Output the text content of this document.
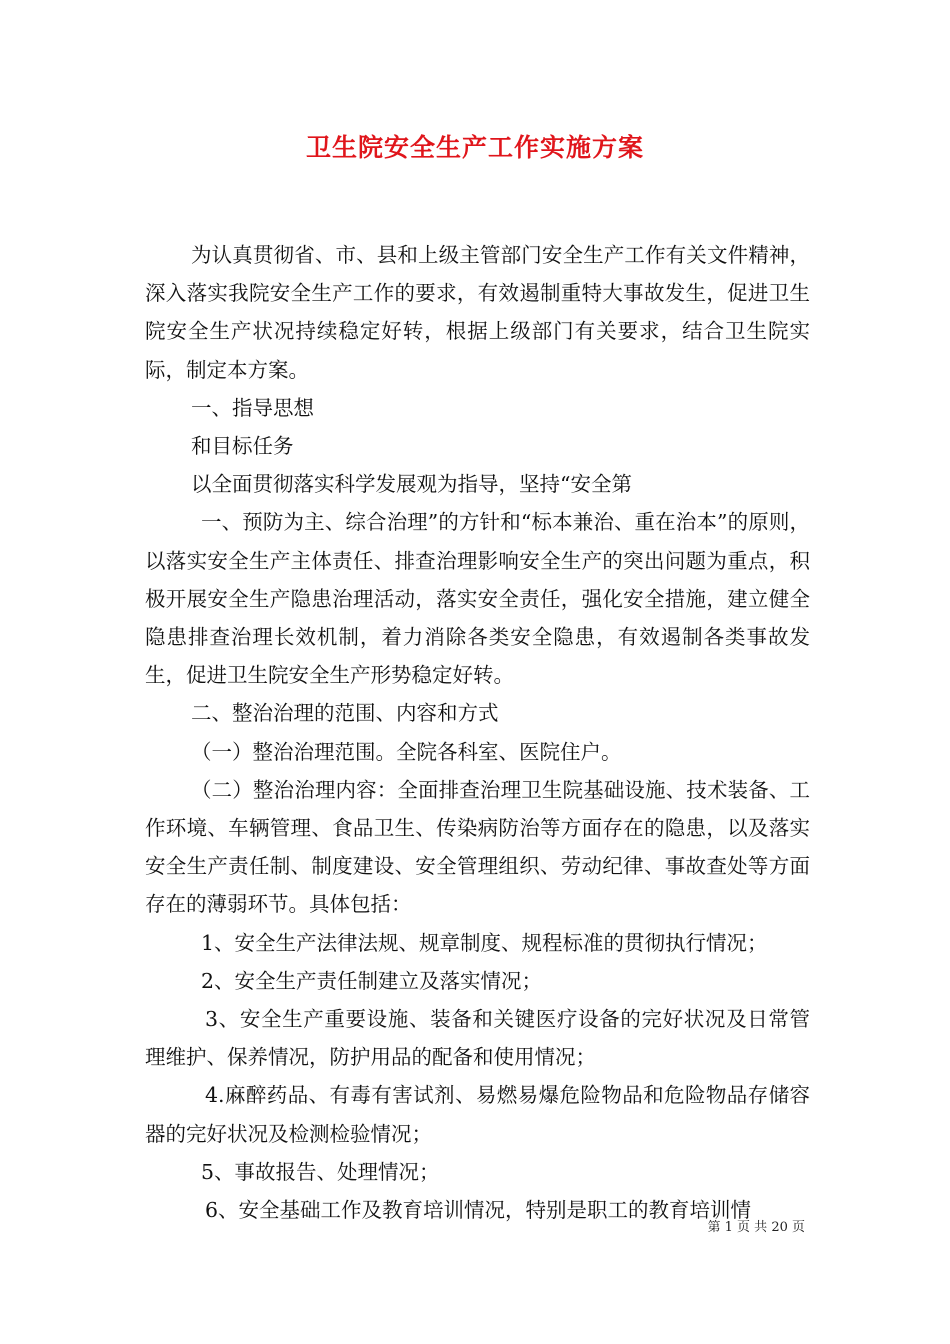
卫生院安全生产工作实施方案

为认真贯彻省、市、县和上级主管部门安全生产工作有关文件精神，深入落实我院安全生产工作的要求，有效遏制重特大事故发生，促进卫生院安全生产状况持续稳定好转，根据上级部门有关要求，结合卫生院实际，制定本方案。

一、指导思想

和目标任务

以全面贯彻落实科学发展观为指导，坚持“安全第

一、预防为主、综合治理”的方针和“标本兼治、重在治本”的原则，以落实安全生产主体责任、排查治理影响安全生产的突出问题为重点，积极开展安全生产隐患治理活动，落实安全责任，强化安全措施，建立健全隐患排查治理长效机制，着力消除各类安全隐患，有效遏制各类事故发生，促进卫生院安全生产形势稳定好转。

二、整治治理的范围、内容和方式

（一）整治治理范围。全院各科室、医院住户。

（二）整治治理内容：全面排查治理卫生院基础设施、技术装备、工作环境、车辆管理、食品卫生、传染病防治等方面存在的隐患，以及落实安全生产责任制、制度建设、安全管理组织、劳动纪律、事故查处等方面存在的薄弱环节。具体包括：

1、安全生产法律法规、规章制度、规程标准的贯彻执行情况；

2、安全生产责任制建立及落实情况；

3、安全生产重要设施、装备和关键医疗设备的完好状况及日常管理维护、保养情况，防护用品的配备和使用情况；

4.麻醉药品、有毒有害试剂、易燃易爆危险物品和危险物品存储容器的完好状况及检测检验情况；

5、事故报告、处理情况；

6、安全基础工作及教育培训情况，特别是职工的教育培训情

第 1 页 共 20 页
